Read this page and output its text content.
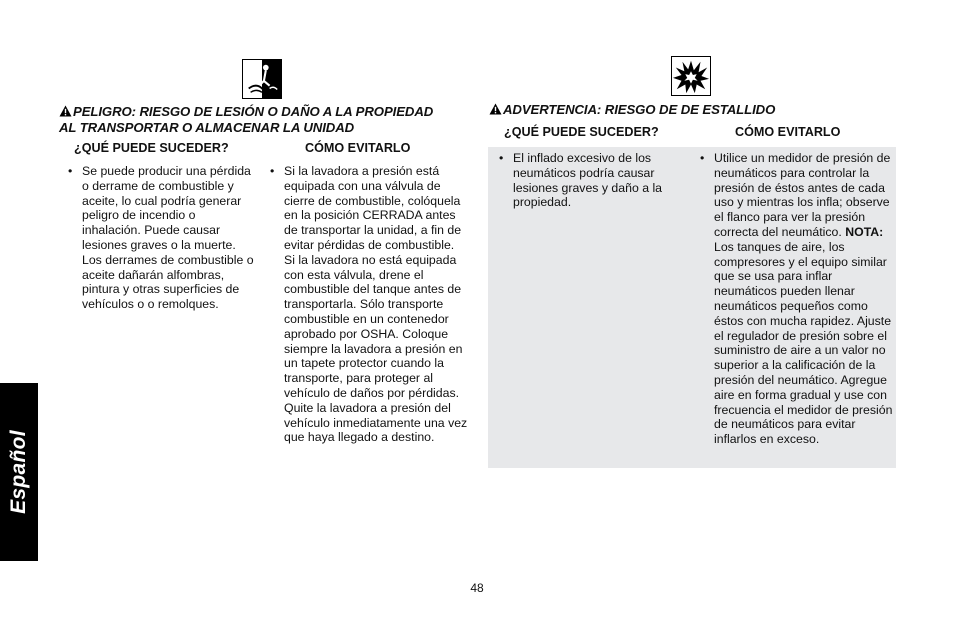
PELIGRO: RIESGO DE LESIÓN O DAÑO A LA PROPIEDAD
AL TRANSPORTAR O ALMACENAR LA UNIDAD
ADVERTENCIA: RIESGO DE DE ESTALLIDO
¿QUÉ PUEDE SUCEDER?	CÓMO EVITARLO
¿QUÉ PUEDE SUCEDER?	CÓMO EVITARLO
• Se puede producir una pérdida o derrame de combustible y aceite, lo cual podría generar peligro de incendio o inhalación. Puede causar lesiones graves o la muerte. Los derrames de combustible o aceite dañarán alfombras, pintura y otras superficies de vehículos o o remolques.
• Si la lavadora a presión está equipada con una válvula de cierre de combustible, colóquela en la posición CERRADA antes de transportar la unidad, a fin de evitar pérdidas de combustible. Si la lavadora no está equipada con esta válvula, drene el combustible del tanque antes de transportarla. Sólo transporte combustible en un contenedor aprobado por OSHA. Coloque siempre la lavadora a presión en un tapete protector cuando la transporte, para proteger al vehículo de daños por pérdidas. Quite la lavadora a presión del vehículo inmediatamente una vez que haya llegado a destino.
• El inflado excesivo de los neumáticos podría causar lesiones graves y daño a la propiedad.
• Utilice un medidor de presión de neumáticos para controlar la presión de éstos antes de cada uso y mientras los infla; observe el flanco para ver la presión correcta del neumático. NOTA: Los tanques de aire, los compresores y el equipo similar que se usa para inflar neumáticos pueden llenar neumáticos pequeños como éstos con mucha rapidez. Ajuste el regulador de presión sobre el suministro de aire a un valor no superior a la calificación de la presión del neumático. Agregue aire en forma gradual y use con frecuencia el medidor de presión de neumáticos para evitar inflarlos en exceso.
Español
48
